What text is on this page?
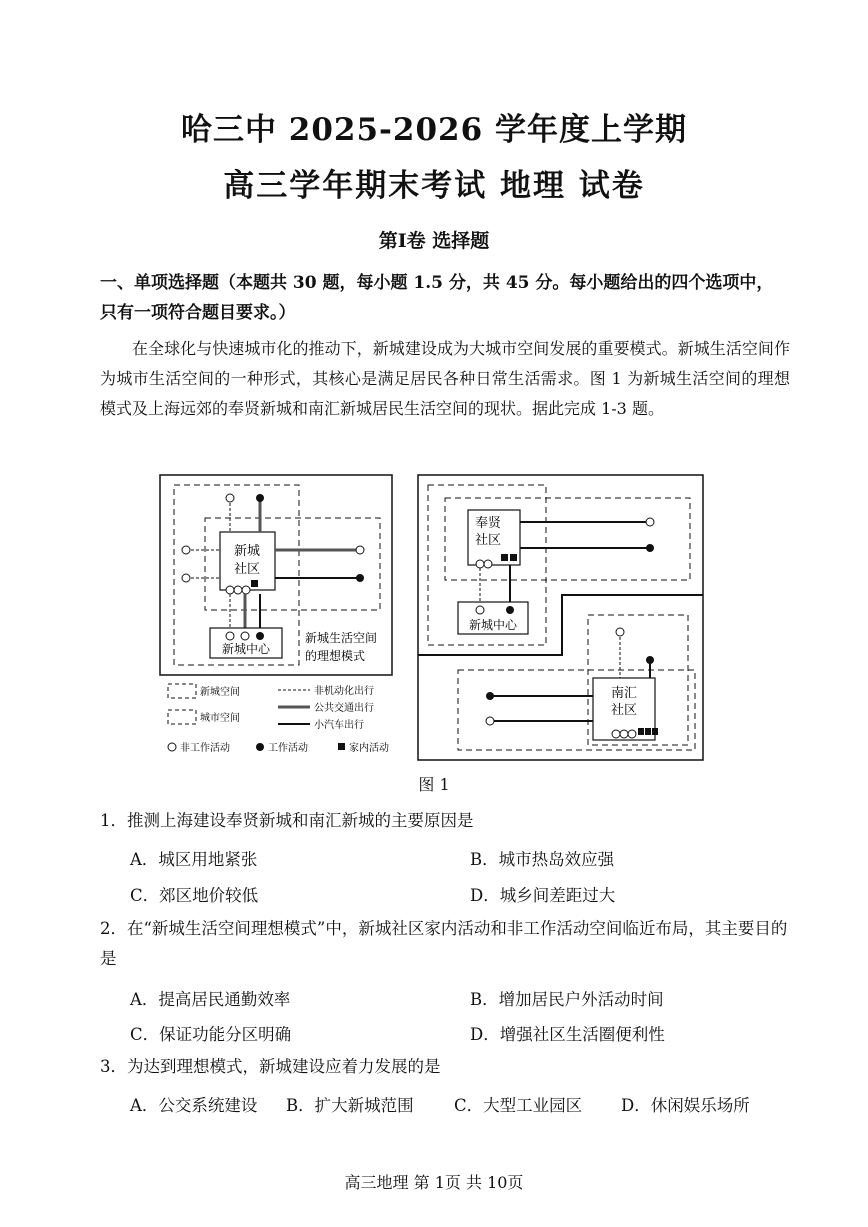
哈三中 2025-2026 学年度上学期
高三学年期末考试 地理 试卷
第Ⅰ卷 选择题
一、单项选择题（本题共 30 题，每小题 1.5 分，共 45 分。每小题给出的四个选项中，只有一项符合题目要求。）

在全球化与快速城市化的推动下，新城建设成为大城市空间发展的重要模式。新城生活空间作为城市生活空间的一种形式，其核心是满足居民各种日常生活需求。图 1 为新城生活空间的理想模式及上海远郊的奉贤新城和南汇新城居民生活空间的现状。据此完成 1-3 题。

新城
社区
新城中心
新城生活空间
的理想模式
新城空间
城市空间
非机动化出行
公共交通出行
小汽车出行
非工作活动	工作活动	家内活动
奉贤
社区
新城中心
南汇
社区
图 1
1．推测上海建设奉贤新城和南汇新城的主要原因是
A．城区用地紧张	B．城市热岛效应强
C．郊区地价较低	D．城乡间差距过大
2．在“新城生活空间理想模式”中，新城社区家内活动和非工作活动空间临近布局，其主要目的是
A．提高居民通勤效率	B．增加居民户外活动时间
C．保证功能分区明确	D．增强社区生活圈便利性
3．为达到理想模式，新城建设应着力发展的是
A．公交系统建设 B．扩大新城范围 C．大型工业园区 D．休闲娱乐场所
高三地理 第 1页 共 10页
